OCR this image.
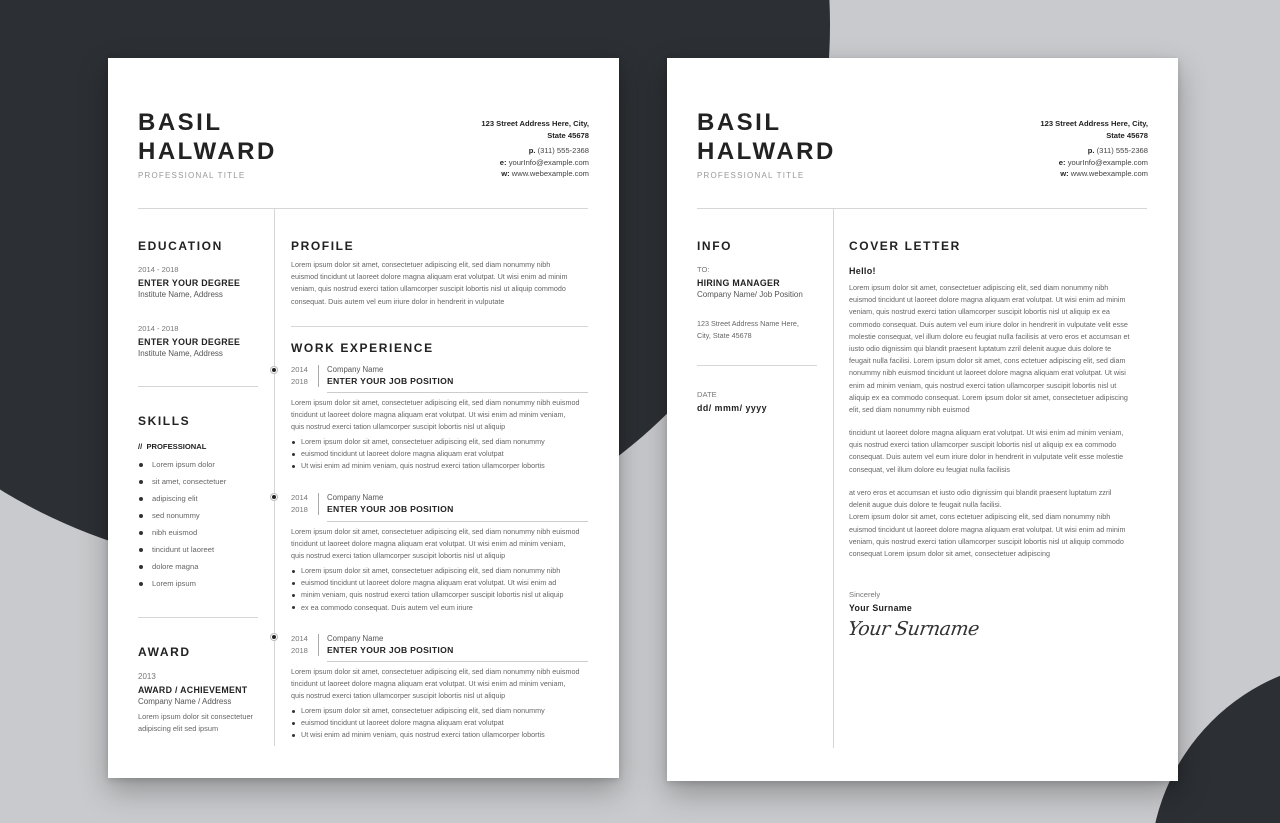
BASIL
HALWARD
PROFESSIONAL TITLE
123 Street Address Here, City,
State 45678
p. (311) 555-2368
e: yourInfo@example.com
w: www.webexample.com
EDUCATION
2014 - 2018
ENTER YOUR DEGREE
Institute Name, Address
2014 - 2018
ENTER YOUR DEGREE
Institute Name, Address
SKILLS
// PROFESSIONAL
Lorem ipsum dolor
sit amet, consectetuer
adipiscing elit
sed nonummy
nibh euismod
tincidunt ut laoreet
dolore magna
Lorem ipsum
AWARD
2013
AWARD / ACHIEVEMENT
Company Name / Address
Lorem ipsum dolor sit consectetuer
adipiscing elit sed ipsum
PROFILE
Lorem ipsum dolor sit amet, consectetuer adipiscing elit, sed diam nonummy nibh
euismod tincidunt ut laoreet dolore magna aliquam erat volutpat. Ut wisi enim ad minim
veniam, quis nostrud exerci tation ullamcorper suscipit lobortis nisl ut aliquip commodo
consequat. Duis autem vel eum iriure dolor in hendrerit in vulputate
WORK EXPERIENCE
2014
2018
Company Name
ENTER YOUR JOB POSITION
Lorem ipsum dolor sit amet, consectetuer adipiscing elit, sed diam nonummy nibh euismod
tincidunt ut laoreet dolore magna aliquam erat volutpat. Ut wisi enim ad minim veniam,
quis nostrud exerci tation ullamcorper suscipit lobortis nisl ut aliquip
Lorem ipsum dolor sit amet, consectetuer adipiscing elit, sed diam nonummy
euismod tincidunt ut laoreet dolore magna aliquam erat volutpat
Ut wisi enim ad minim veniam, quis nostrud exerci tation ullamcorper lobortis
2014
2018
Company Name
ENTER YOUR JOB POSITION
Lorem ipsum dolor sit amet, consectetuer adipiscing elit, sed diam nonummy nibh euismod
tincidunt ut laoreet dolore magna aliquam erat volutpat. Ut wisi enim ad minim veniam,
quis nostrud exerci tation ullamcorper suscipit lobortis nisl ut aliquip
Lorem ipsum dolor sit amet, consectetuer adipiscing elit, sed diam nonummy nibh
euismod tincidunt ut laoreet dolore magna aliquam erat volutpat. Ut wisi enim ad
minim veniam, quis nostrud exerci tation ullamcorper suscipit lobortis nisl ut aliquip
ex ea commodo consequat. Duis autem vel eum iriure
2014
2018
Company Name
ENTER YOUR JOB POSITION
Lorem ipsum dolor sit amet, consectetuer adipiscing elit, sed diam nonummy nibh euismod
tincidunt ut laoreet dolore magna aliquam erat volutpat. Ut wisi enim ad minim veniam,
quis nostrud exerci tation ullamcorper suscipit lobortis nisl ut aliquip
Lorem ipsum dolor sit amet, consectetuer adipiscing elit, sed diam nonummy
euismod tincidunt ut laoreet dolore magna aliquam erat volutpat
Ut wisi enim ad minim veniam, quis nostrud exerci tation ullamcorper lobortis
BASIL
HALWARD
PROFESSIONAL TITLE
123 Street Address Here, City,
State 45678
p. (311) 555-2368
e: yourInfo@example.com
w: www.webexample.com
INFO
TO:
HIRING MANAGER
Company Name/ Job Position
123 Street Address Name Here,
City, State 45678
DATE
dd/ mmm/ yyyy
COVER LETTER
Hello!
Lorem ipsum dolor sit amet, consectetuer adipiscing elit, sed diam nonummy nibh
euismod tincidunt ut laoreet dolore magna aliquam erat volutpat. Ut wisi enim ad minim
veniam, quis nostrud exerci tation ullamcorper suscipit lobortis nisl ut aliquip ex ea
commodo consequat. Duis autem vel eum iriure dolor in hendrerit in vulputate velit esse
molestie consequat, vel illum dolore eu feugiat nulla facilisis at vero eros et accumsan et
iusto odio dignissim qui blandit praesent luptatum zzril delenit augue duis dolore te
feugait nulla facilisi. Lorem ipsum dolor sit amet, cons ectetuer adipiscing elit, sed diam
nonummy nibh euismod tincidunt ut laoreet dolore magna aliquam erat volutpat. Ut wisi
enim ad minim veniam, quis nostrud exerci tation ullamcorper suscipit lobortis nisl ut
aliquip ex ea commodo consequat. Lorem ipsum dolor sit amet, consectetuer adipiscing
elit, sed diam nonummy nibh euismod
tincidunt ut laoreet dolore magna aliquam erat volutpat. Ut wisi enim ad minim veniam,
quis nostrud exerci tation ullamcorper suscipit lobortis nisl ut aliquip ex ea commodo
consequat. Duis autem vel eum iriure dolor in hendrerit in vulputate velit esse molestie
consequat, vel illum dolore eu feugiat nulla facilisis
at vero eros et accumsan et iusto odio dignissim qui blandit praesent luptatum zzril
delenit augue duis dolore te feugait nulla facilisi.
Lorem ipsum dolor sit amet, cons ectetuer adipiscing elit, sed diam nonummy nibh
euismod tincidunt ut laoreet dolore magna aliquam erat volutpat. Ut wisi enim ad minim
veniam, quis nostrud exerci tation ullamcorper suscipit lobortis nisl ut aliquip commodo
consequat Lorem ipsum dolor sit amet, consectetuer adipiscing
Sincerely
Your Surname
Your Surname
